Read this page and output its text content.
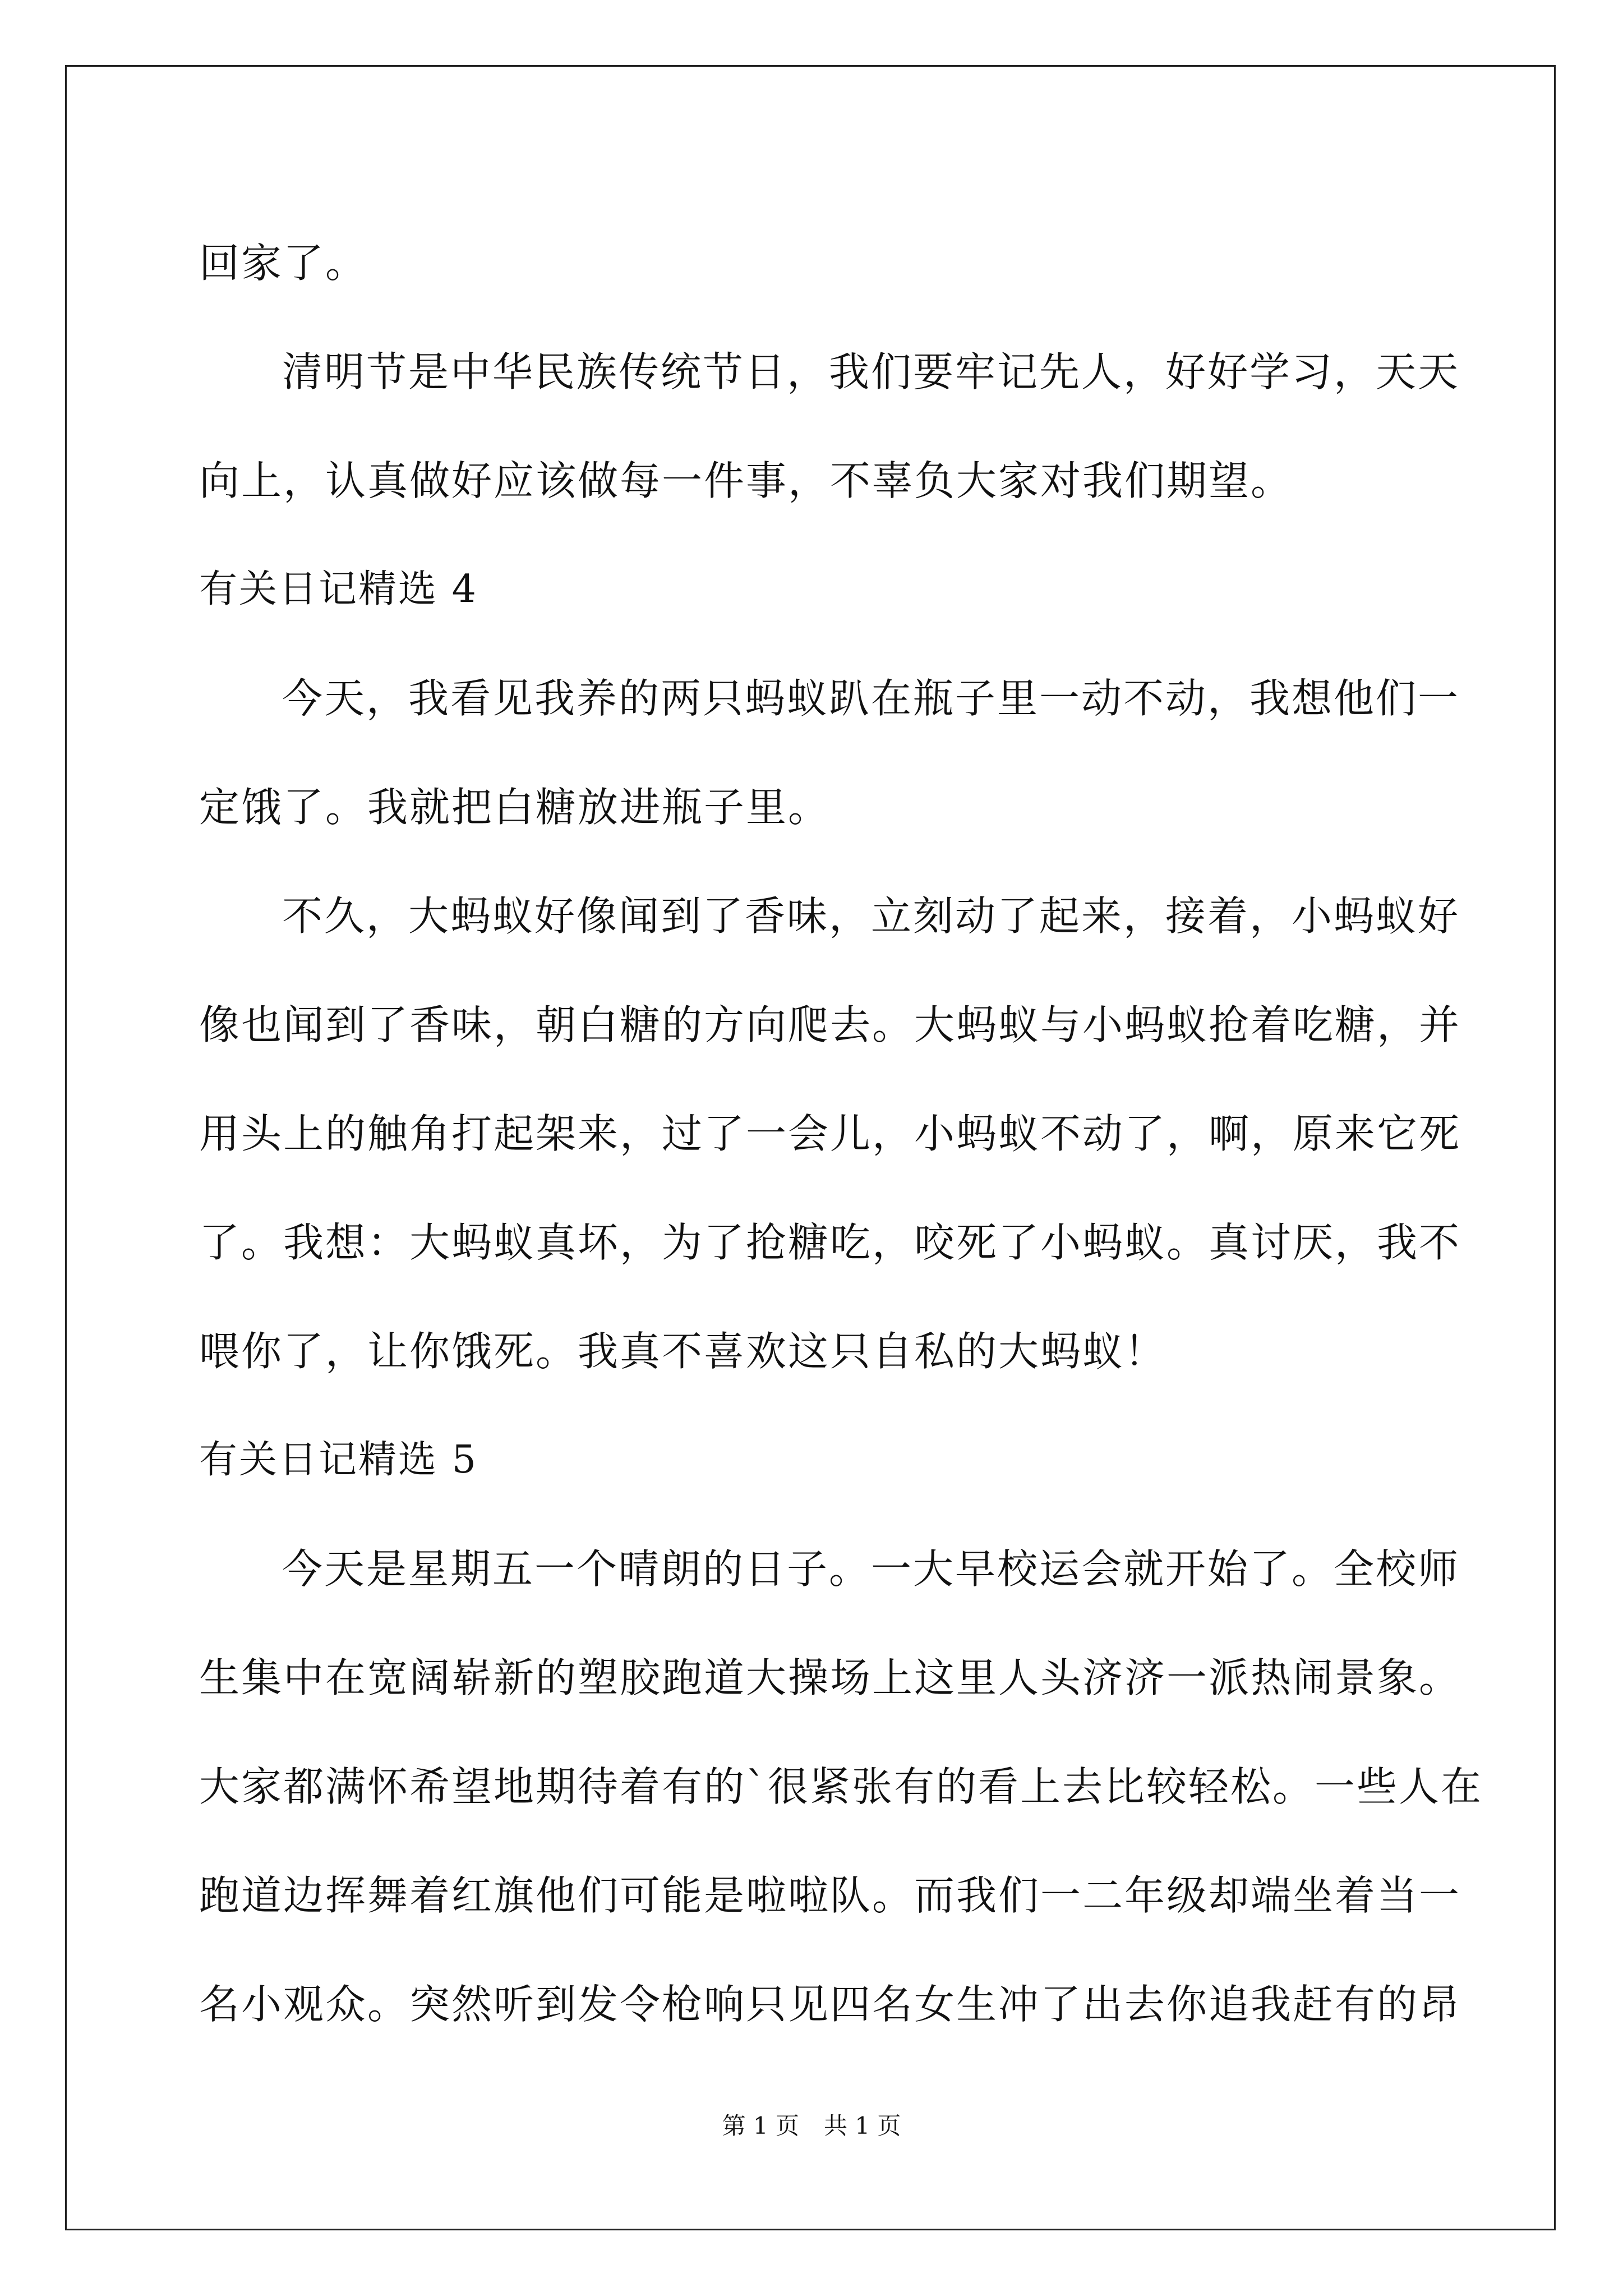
回家了。
清明节是中华民族传统节日，我们要牢记先人，好好学习，天天
向上，认真做好应该做每一件事，不辜负大家对我们期望。
有关日记精选 4
今天，我看见我养的两只蚂蚁趴在瓶子里一动不动，我想他们一
定饿了。我就把白糖放进瓶子里。
不久，大蚂蚁好像闻到了香味，立刻动了起来，接着，小蚂蚁好
像也闻到了香味，朝白糖的方向爬去。大蚂蚁与小蚂蚁抢着吃糖，并
用头上的触角打起架来，过了一会儿，小蚂蚁不动了，啊，原来它死
了。我想：大蚂蚁真坏，为了抢糖吃，咬死了小蚂蚁。真讨厌，我不
喂你了，让你饿死。我真不喜欢这只自私的大蚂蚁！
有关日记精选 5
今天是星期五一个晴朗的日子。一大早校运会就开始了。全校师
生集中在宽阔崭新的塑胶跑道大操场上这里人头济济一派热闹景象。
大家都满怀希望地期待着有的`很紧张有的看上去比较轻松。一些人在
跑道边挥舞着红旗他们可能是啦啦队。而我们一二年级却端坐着当一
名小观众。突然听到发令枪响只见四名女生冲了出去你追我赶有的昂
第 1 页 共 1 页
